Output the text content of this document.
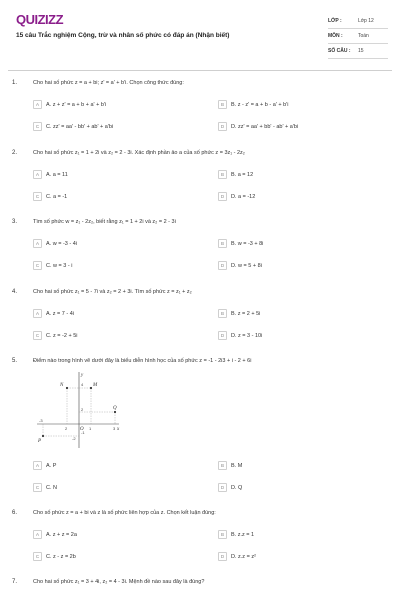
QUIZIZZ
15 câu Trắc nghiệm Cộng, trừ và nhân số phức có đáp án (Nhận biết)
LỚP :	Lớp 12
MÔN :	Toán
SỐ CÂU :	15
1.	Cho hai số phức z = a + bi; z' = a' + b'i. Chọn công thức đúng:
A	A. z + z' = a + b + a' + b'i	B	B. z - z' = a + b - a' + b'i
C	C. zz' = aa' - bb' + ab' + a'bi	D	D. zz' = aa' + bb' - ab' + a'bi
2.	Cho hai số phức z₁ = 1 + 2i và z₂ = 2 - 3i. Xác định phần ảo a của số phức z = 3z₁ - 2z₂
A	A. a = 11	B	B. a = 12
C	C. a = -1	D	D. a = -12
3.	Tìm số phức w = z₁ - 2z₂, biết rằng z₁ = 1 + 2i và z₂ = 2 - 3i
A	A. w = -3 - 4i	B	B. w = -3 + 8i
C	C. w = 3 - i	D	D. w = 5 + 8i
4.	Cho hai số phức z₁ = 5 - 7i và z₂ = 2 + 3i. Tìm số phức z = z₁ + z₂
A	A. z = 7 - 4i	B	B. z = 2 + 5i
C	C. z = -2 + 5i	D	D. z = 3 - 10i
5.	Điểm nào trong hình vẽ dưới đây là biểu diễn hình học của số phức z = -1 - 2i3 + i - 2 + 6i
A	A. P	B	B. M
C	C. N	D	D. Q
N	M
Q
P
y
x
O
4
2
1
2
-3
-1
-2
3
6.	Cho số phức z = a + bi và z là số phức liên hợp của z. Chọn kết luận đúng:
A	A. z + z = 2a	B	B. z.z = 1
C	C. z - z = 2b	D	D. z.z = z²
7.	Cho hai số phức z₁ = 3 + 4i, z₂ = 4 - 3i. Mệnh đề nào sau đây là đúng?
